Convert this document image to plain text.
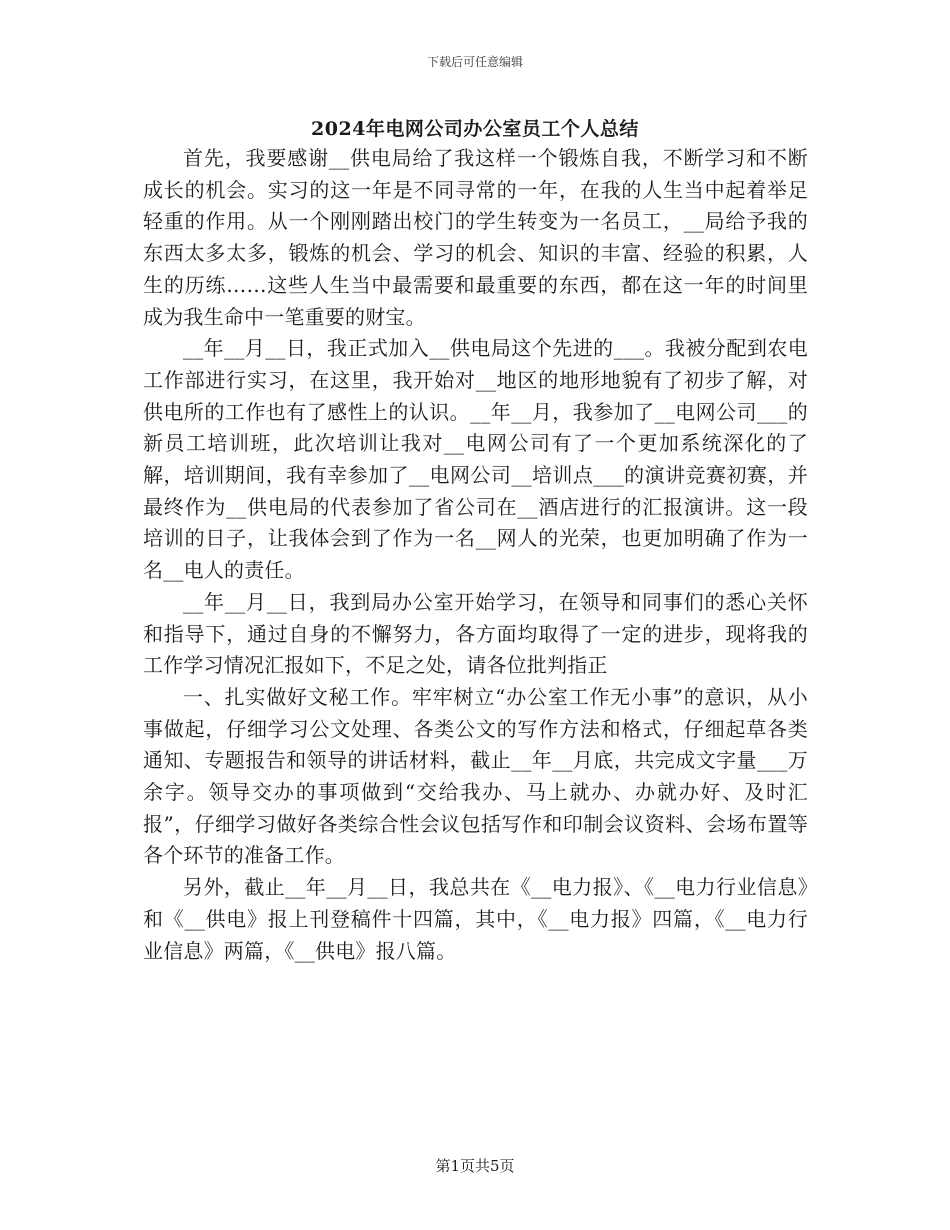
下载后可任意编辑
2024年电网公司办公室员工个人总结

首先，我要感谢__供电局给了我这样一个锻炼自我，不断学习和不断成长的机会。实习的这一年是不同寻常的一年，在我的人生当中起着举足轻重的作用。从一个刚刚踏出校门的学生转变为一名员工，__局给予我的东西太多太多，锻炼的机会、学习的机会、知识的丰富、经验的积累，人生的历练……这些人生当中最需要和最重要的东西，都在这一年的时间里成为我生命中一笔重要的财宝。

__年__月__日，我正式加入__供电局这个先进的___。我被分配到农电工作部进行实习，在这里，我开始对__地区的地形地貌有了初步了解，对供电所的工作也有了感性上的认识。__年__月，我参加了__电网公司___的新员工培训班，此次培训让我对__电网公司有了一个更加系统深化的了解，培训期间，我有幸参加了__电网公司__培训点___的演讲竞赛初赛，并最终作为__供电局的代表参加了省公司在__酒店进行的汇报演讲。这一段培训的日子，让我体会到了作为一名__网人的光荣，也更加明确了作为一名__电人的责任。

__年__月__日，我到局办公室开始学习，在领导和同事们的悉心关怀和指导下，通过自身的不懈努力，各方面均取得了一定的进步，现将我的工作学习情况汇报如下，不足之处，请各位批判指正

一、扎实做好文秘工作。牢牢树立“办公室工作无小事”的意识，从小事做起，仔细学习公文处理、各类公文的写作方法和格式，仔细起草各类通知、专题报告和领导的讲话材料，截止__年__月底，共完成文字量___万余字。领导交办的事项做到“交给我办、马上就办、办就办好、及时汇报”，仔细学习做好各类综合性会议包括写作和印制会议资料、会场布置等各个环节的准备工作。

另外，截止__年__月__日，我总共在《__电力报》、《__电力行业信息》和《__供电》报上刊登稿件十四篇，其中，《__电力报》四篇，《__电力行业信息》两篇，《__供电》报八篇。

第1页共5页
